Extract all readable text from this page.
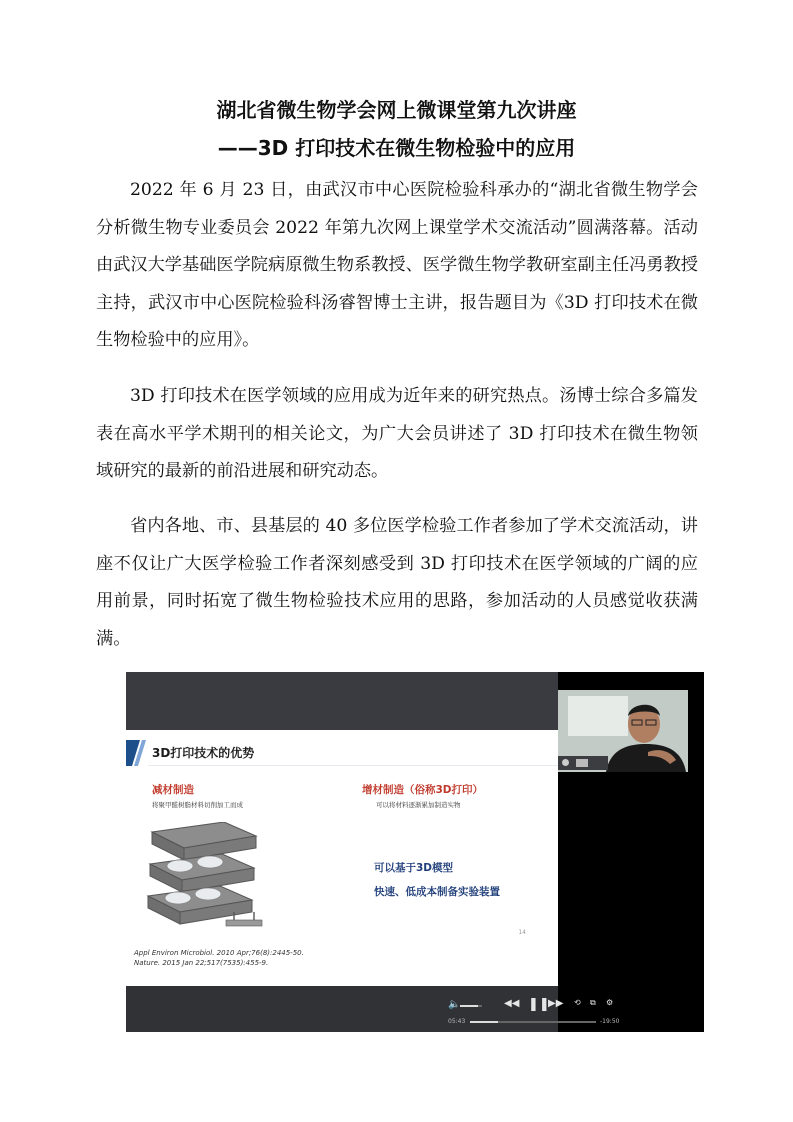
湖北省微生物学会网上微课堂第九次讲座
——3D 打印技术在微生物检验中的应用

2022 年 6 月 23 日，由武汉市中心医院检验科承办的“湖北省微生物学会分析微生物专业委员会 2022 年第九次网上课堂学术交流活动”圆满落幕。活动由武汉大学基础医学院病原微生物系教授、医学微生物学教研室副主任冯勇教授主持，武汉市中心医院检验科汤睿智博士主讲，报告题目为《3D 打印技术在微生物检验中的应用》。

3D 打印技术在医学领域的应用成为近年来的研究热点。汤博士综合多篇发表在高水平学术期刊的相关论文，为广大会员讲述了 3D 打印技术在微生物领域研究的最新的前沿进展和研究动态。

省内各地、市、县基层的 40 多位医学检验工作者参加了学术交流活动，讲座不仅让广大医学检验工作者深刻感受到 3D 打印技术在医学领域的广阔的应用前景，同时拓宽了微生物检验技术应用的思路，参加活动的人员感觉收获满满。

3D打印技术的优势
减材制造
将聚甲醛树脂材料切削加工而成
增材制造（俗称3D打印）
可以将材料逐渐累加制造实物
可以基于3D模型
快速、低成本制备实验装置
Appl Environ Microbiol. 2010 Apr;76(8):2445-50.
Nature. 2015 Jan 22;517(7535):455-9.
14
🔈	◀◀ ❚❚
▶▶ ⟲ ⧉ ⚙
05:43	-19:50
